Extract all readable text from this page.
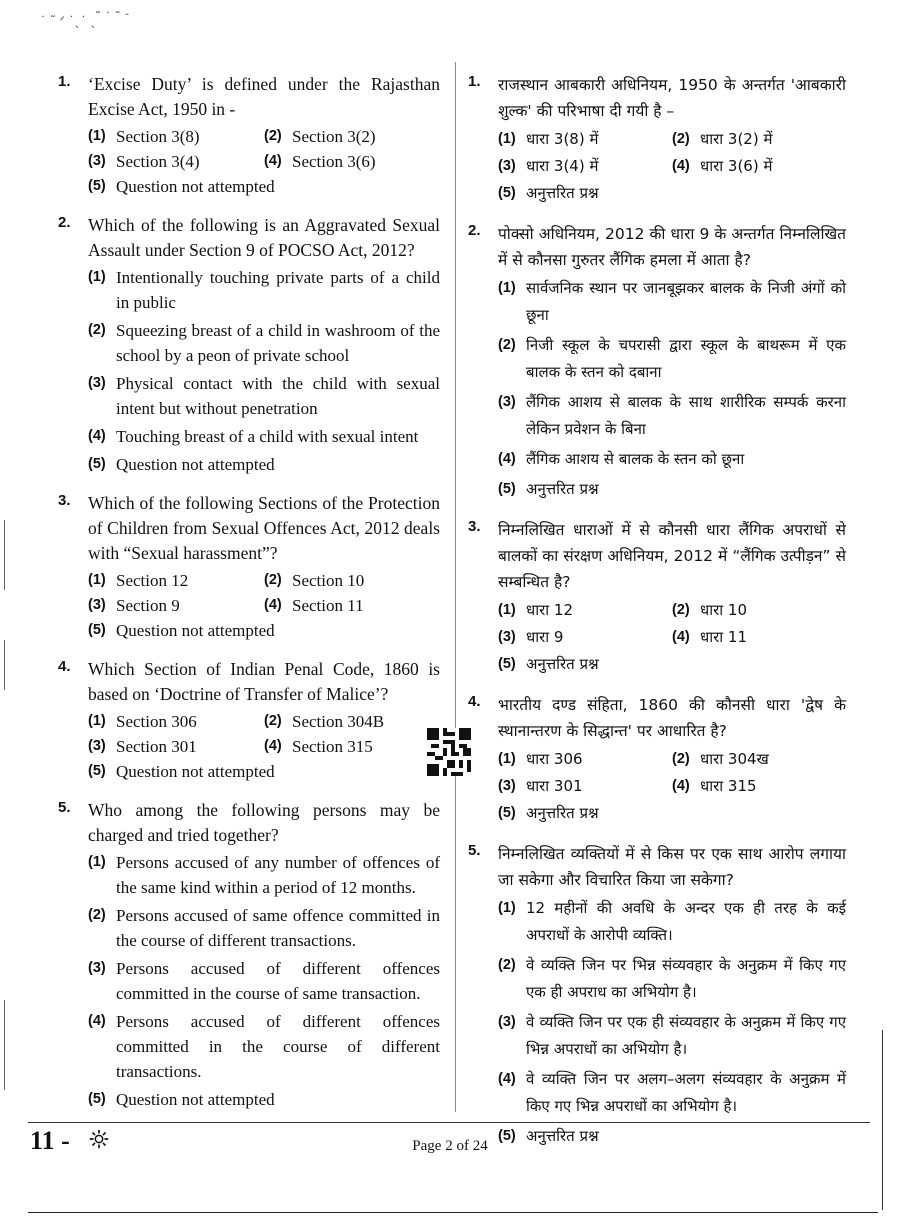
˙ ˜ ᐟ ˙ˎ˙ ˎ
˜ ˙ ˜ ᐨ
1. ‘Excise Duty’ is defined under the Rajasthan Excise Act, 1950 in -
(1) Section 3(8)	(2) Section 3(2)
(3) Section 3(4)	(4) Section 3(6)
(5) Question not attempted
2. Which of the following is an Aggravated Sexual Assault under Section 9 of POCSO Act, 2012?
(1) Intentionally touching private parts of a child in public
(2) Squeezing breast of a child in washroom of the school by a peon of private school
(3) Physical contact with the child with sexual intent but without penetration
(4) Touching breast of a child with sexual intent
(5) Question not attempted
3. Which of the following Sections of the Protection of Children from Sexual Offences Act, 2012 deals with “Sexual harassment”?
(1) Section 12	(2) Section 10
(3) Section 9	(4) Section 11
(5) Question not attempted
4. Which Section of Indian Penal Code, 1860 is based on ‘Doctrine of Transfer of Malice’?
(1) Section 306	(2) Section 304B
(3) Section 301	(4) Section 315
(5) Question not attempted
5. Who among the following persons may be charged and tried together?
(1) Persons accused of any number of offences of the same kind within a period of 12 months.
(2) Persons accused of same offence committed in the course of different transactions.
(3) Persons accused of different offences committed in the course of same transaction.
(4) Persons accused of different offences committed in the course of different transactions.
(5) Question not attempted
1. राजस्थान आबकारी अधिनियम, 1950 के अन्तर्गत 'आबकारी शुल्क' की परिभाषा दी गयी है –
(1) धारा 3(8) में	(2) धारा 3(2) में
(3) धारा 3(4) में	(4) धारा 3(6) में
(5) अनुत्तरित प्रश्न
2. पोक्सो अधिनियम, 2012 की धारा 9 के अन्तर्गत निम्नलिखित में से कौनसा गुरुतर लैंगिक हमला में आता है?
(1) सार्वजनिक स्थान पर जानबूझकर बालक के निजी अंगों को छूना
(2) निजी स्कूल के चपरासी द्वारा स्कूल के बाथरूम में एक बालक के स्तन को दबाना
(3) लैंगिक आशय से बालक के साथ शारीरिक सम्पर्क करना लेकिन प्रवेशन के बिना
(4) लैंगिक आशय से बालक के स्तन को छूना
(5) अनुत्तरित प्रश्न
3. निम्नलिखित धाराओं में से कौनसी धारा लैंगिक अपराधों से बालकों का संरक्षण अधिनियम, 2012 में “लैंगिक उत्पीड़न” से सम्बन्धित है?
(1) धारा 12	(2) धारा 10
(3) धारा 9	(4) धारा 11
(5) अनुत्तरित प्रश्न
4. भारतीय दण्ड संहिता, 1860 की कौनसी धारा 'द्वेष के स्थानान्तरण के सिद्धान्त' पर आधारित है?
(1) धारा 306	(2) धारा 304ख
(3) धारा 301	(4) धारा 315
(5) अनुत्तरित प्रश्न
5. निम्नलिखित व्यक्तियों में से किस पर एक साथ आरोप लगाया जा सकेगा और विचारित किया जा सकेगा?
(1) 12 महीनों की अवधि के अन्दर एक ही तरह के कई अपराधों के आरोपी व्यक्ति।
(2) वे व्यक्ति जिन पर भिन्न संव्यवहार के अनुक्रम में किए गए एक ही अपराध का अभियोग है।
(3) वे व्यक्ति जिन पर एक ही संव्यवहार के अनुक्रम में किए गए भिन्न अपराधों का अभियोग है।
(4) वे व्यक्ति जिन पर अलग–अलग संव्यवहार के अनुक्रम में किए गए भिन्न अपराधों का अभियोग है।
(5) अनुत्तरित प्रश्न
11 -	Page 2 of 24
